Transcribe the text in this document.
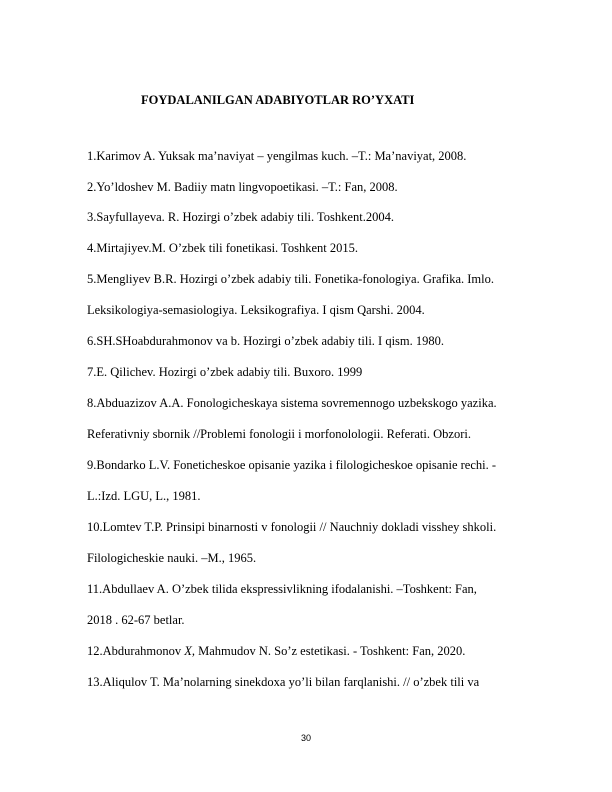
FOYDALANILGAN ADABIYOTLAR RO’YXATI
1.Karimov A. Yuksak ma’naviyat – yengilmas kuch. –T.: Ma’naviyat, 2008.
2.Yo’ldoshev M. Badiiy matn lingvopoetikasi. –T.: Fan, 2008.
3.Sayfullayeva. R. Hozirgi o’zbek adabiy tili. Toshkent.2004.
4.Mirtajiyev.M. O’zbek tili fonetikasi. Toshkent 2015.
5.Mengliyev B.R. Hozirgi o’zbek adabiy tili. Fonetika-fonologiya. Grafika. Imlo.
Leksikologiya-semasiologiya. Leksikografiya. I qism Qarshi. 2004.
6.SH.SHoabdurahmonov va b. Hozirgi o’zbek adabiy tili. I qism. 1980.
7.E. Qilichev. Hozirgi o’zbek adabiy tili. Buxoro. 1999
8.Abduazizov A.A. Fonologicheskaya sistema sovremennogo uzbekskogo yazika.
Referativniy sbornik //Problemi fonologii i morfonolologii. Referati. Obzori.
9.Bondarko L.V. Foneticheskoe opisanie yazika i filologicheskoe opisanie rechi. -
L.:Izd. LGU, L., 1981.
10.Lomtev T.P. Prinsipi binarnosti v fonologii // Nauchniy dokladi visshey shkoli.
Filologicheskie nauki. –M., 1965.
11.Abdullaev A. O’zbek tilida ekspressivlikning ifodalanishi. –Toshkent: Fan,
2018 . 62-67 betlar.
12.Abdurahmonov X, Mahmudov N. So’z estetikasi. - Toshkent: Fan, 2020.
13.Aliqulov T. Ma’nolarning sinekdoxa yo’li bilan farqlanishi. // o’zbek tili va
30
